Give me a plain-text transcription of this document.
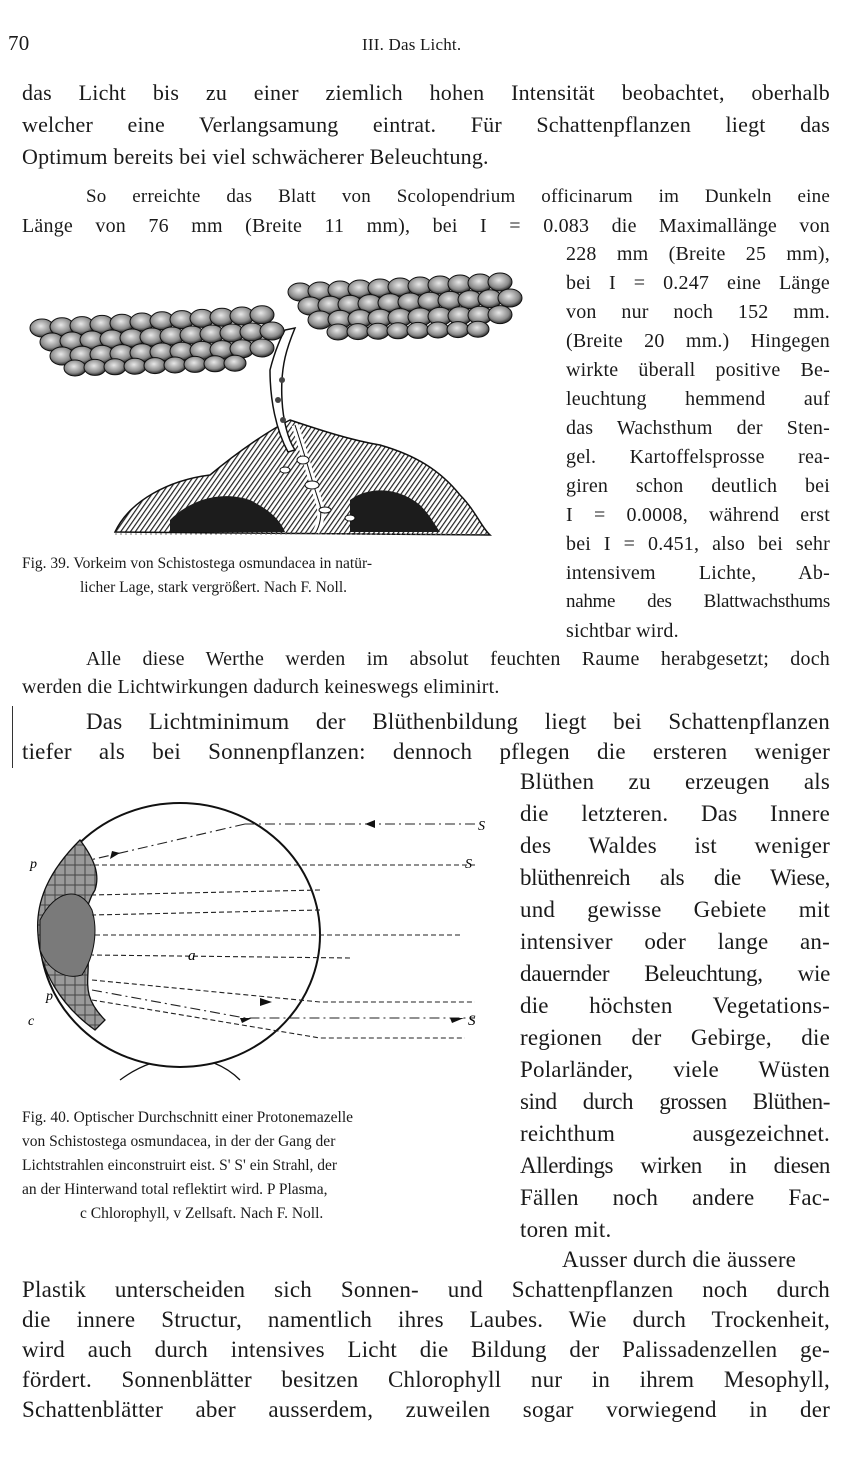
70	III. Das Licht.
das Licht bis zu einer ziemlich hohen Intensität beobachtet, oberhalb
welcher eine Verlangsamung eintrat. Für Schattenpflanzen liegt das
Optimum bereits bei viel schwächerer Beleuchtung.
So erreichte das Blatt von Scolopendrium officinarum im Dunkeln eine
Länge von 76 mm (Breite 11 mm), bei I = 0.083 die Maximallänge von
228 mm (Breite 25 mm),
bei I = 0.247 eine Länge
von nur noch 152 mm.
(Breite 20 mm.) Hingegen
wirkte überall positive Be-
leuchtung hemmend auf
das Wachsthum der Sten-
gel. Kartoffelsprosse rea-
giren schon deutlich bei
I = 0.0008, während erst
bei I = 0.451, also bei sehr
intensivem Lichte, Ab-
nahme des Blattwachsthums
sichtbar wird.
Fig. 39. Vorkeim von Schistostega osmundacea in natür-
licher Lage, stark vergrößert. Nach F. Noll.
Alle diese Werthe werden im absolut feuchten Raume herabgesetzt; doch
werden die Lichtwirkungen dadurch keineswegs eliminirt.
Das Lichtminimum der Blüthenbildung liegt bei Schattenpflanzen
tiefer als bei Sonnenpflanzen: dennoch pflegen die ersteren weniger
Blüthen zu erzeugen als
die letzteren. Das Innere
des Waldes ist weniger
blüthenreich als die Wiese,
und gewisse Gebiete mit
intensiver oder lange an-
dauernder Beleuchtung, wie
die höchsten Vegetations-
regionen der Gebirge, die
Polarländer, viele Wüsten
sind durch grossen Blüthen-
reichthum ausgezeichnet.
Allerdings wirken in diesen
Fällen noch andere Fac-
toren mit.
S
S
S
a
p
p
c
Fig. 40. Optischer Durchschnitt einer Protonemazelle
von Schistostega osmundacea, in der der Gang der
Lichtstrahlen einconstruirt eist. S' S' ein Strahl, der
an der Hinterwand total reflektirt wird. P Plasma,
c Chlorophyll, v Zellsaft. Nach F. Noll.
Ausser durch die äussere
Plastik unterscheiden sich Sonnen- und Schattenpflanzen noch durch
die innere Structur, namentlich ihres Laubes. Wie durch Trockenheit,
wird auch durch intensives Licht die Bildung der Palissadenzellen ge-
fördert. Sonnenblätter besitzen Chlorophyll nur in ihrem Mesophyll,
Schattenblätter aber ausserdem, zuweilen sogar vorwiegend in der
